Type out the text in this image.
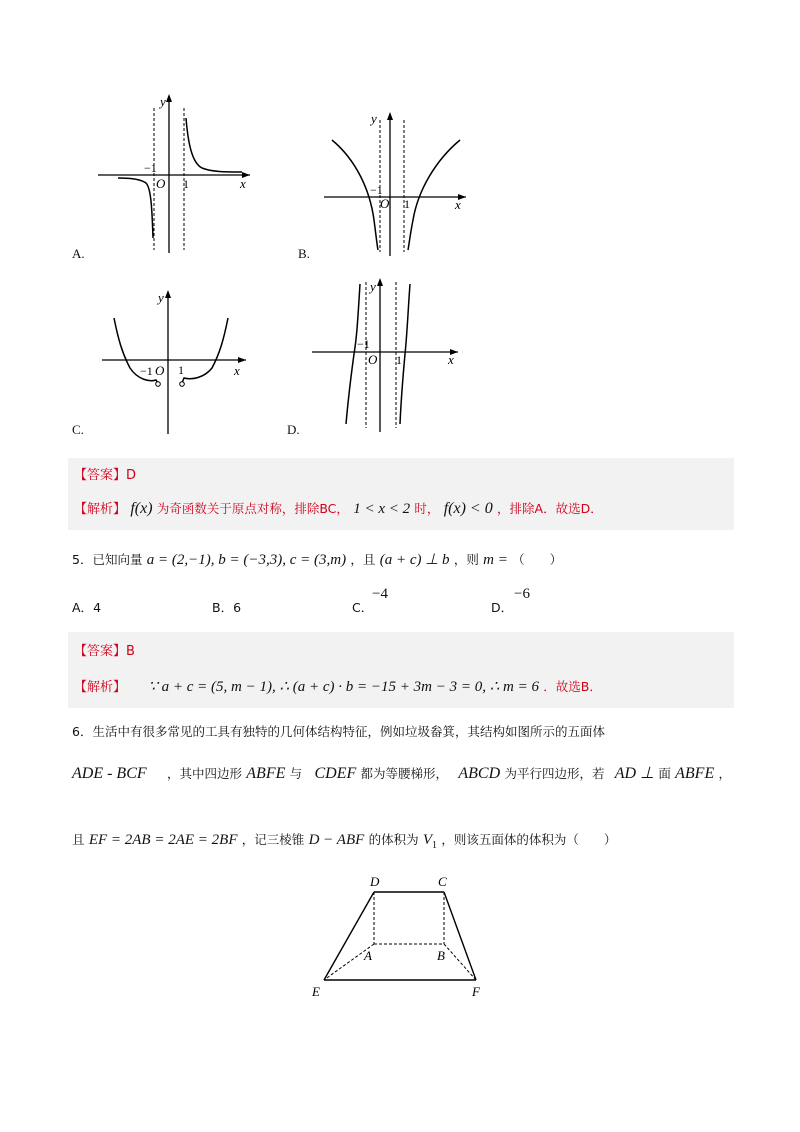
y
x
O
−1
1
A.
y
x
O
−1
1
B.
y
x
O
−1 1
C.
y
x
O
−1
1
D.
【答案】D
【解析】 f(x) 为奇函数关于原点对称，排除BC， 1 < x < 2 时， f(x) < 0 ，排除A．故选D．
5．已知向量 a = (2,−1), b = (−3,3), c = (3,m) ，且 (a + c) ⊥ b ，则 m = （　　）
A．4	B．6	C．
−4
D．
−6
【答案】B
【解析】 ∵ a + c = (5, m − 1), ∴ (a + c) · b = −15 + 3m − 3 = 0, ∴ m = 6 ．故选B．
6．生活中有很多常见的工具有独特的几何体结构特征，例如垃圾畚箕，其结构如图所示的五面体
ADE - BCF ，其中四边形 ABFE 与 CDEF 都为等腰梯形， ABCD 为平行四边形，若 AD ⊥ 面 ABFE ，
且 EF = 2AB = 2AE = 2BF ，记三棱锥 D − ABF 的体积为 $V_1$ ，则该五面体的体积为（　　）
D	C
A	B
E	F
